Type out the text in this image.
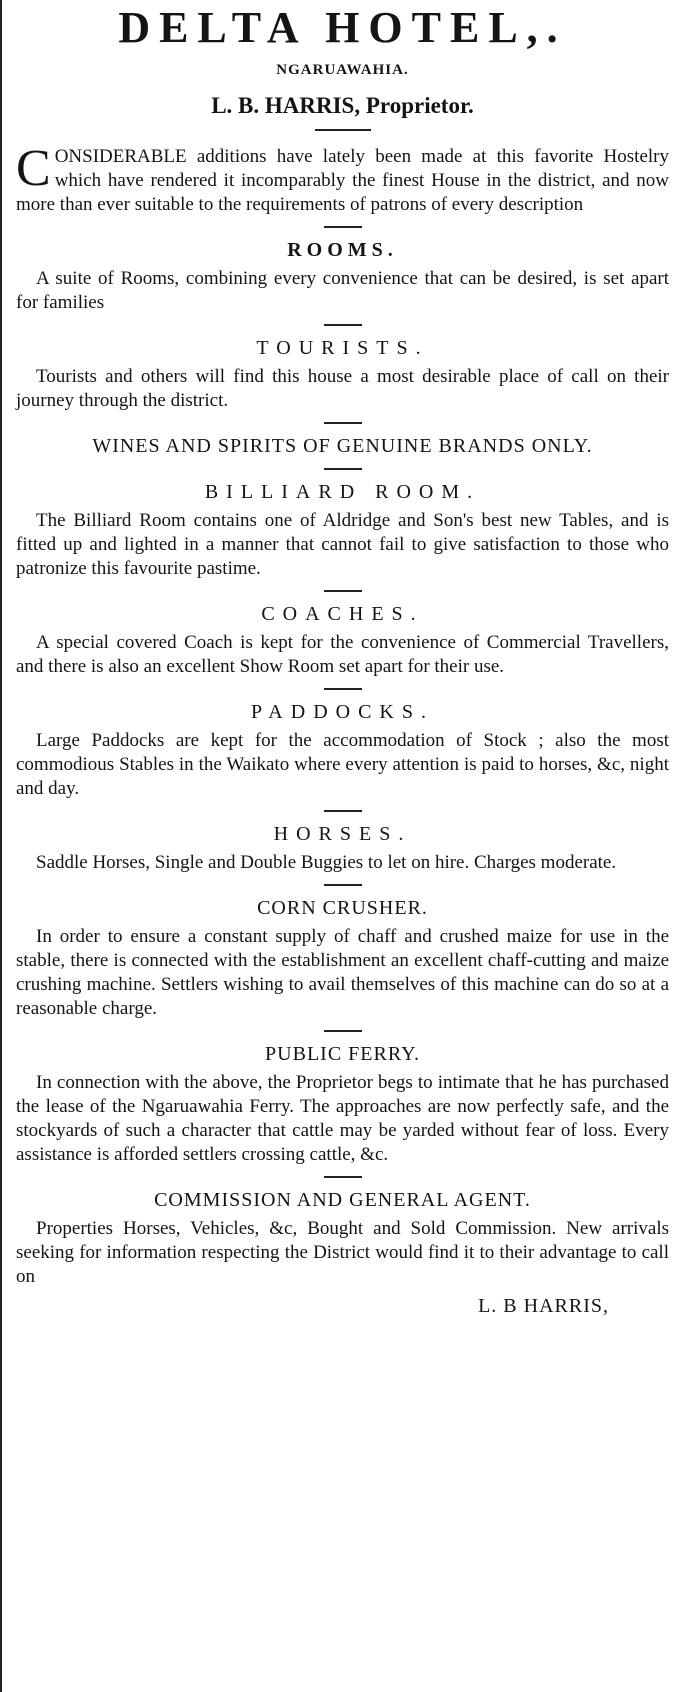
DELTA HOTEL,.

NGARUAWAHIA.

L. B. HARRIS, Proprietor.

CONSIDERABLE additions have lately been made at this favorite Hostelry which have rendered it incomparably the finest House in the district, and now more than ever suitable to the requirements of patrons of every description

ROOMS.

A suite of Rooms, combining every convenience that can be desired, is set apart for families

TOURISTS.

Tourists and others will find this house a most desirable place of call on their journey through the district.

WINES AND SPIRITS OF GENUINE BRANDS ONLY.
BILLIARD ROOM.

The Billiard Room contains one of Aldridge and Son's best new Tables, and is fitted up and lighted in a manner that cannot fail to give satisfaction to those who patronize this favourite pastime.

COACHES.

A special covered Coach is kept for the convenience of Commercial Travellers, and there is also an excellent Show Room set apart for their use.

PADDOCKS.

Large Paddocks are kept for the accommodation of Stock ; also the most commodious Stables in the Waikato where every attention is paid to horses, &c, night and day.

HORSES.

Saddle Horses, Single and Double Buggies to let on hire. Charges moderate.

CORN CRUSHER.

In order to ensure a constant supply of chaff and crushed maize for use in the stable, there is connected with the establishment an excellent chaff-cutting and maize crushing machine. Settlers wishing to avail themselves of this machine can do so at a reasonable charge.

PUBLIC FERRY.

In connection with the above, the Proprietor begs to intimate that he has purchased the lease of the Ngaruawahia Ferry. The approaches are now perfectly safe, and the stockyards of such a character that cattle may be yarded without fear of loss. Every assistance is afforded settlers crossing cattle, &c.

COMMISSION AND GENERAL AGENT.

Properties Horses, Vehicles, &c, Bought and Sold Commission. New arrivals seeking for information respecting the District would find it to their advantage to call on

L. B HARRIS,
